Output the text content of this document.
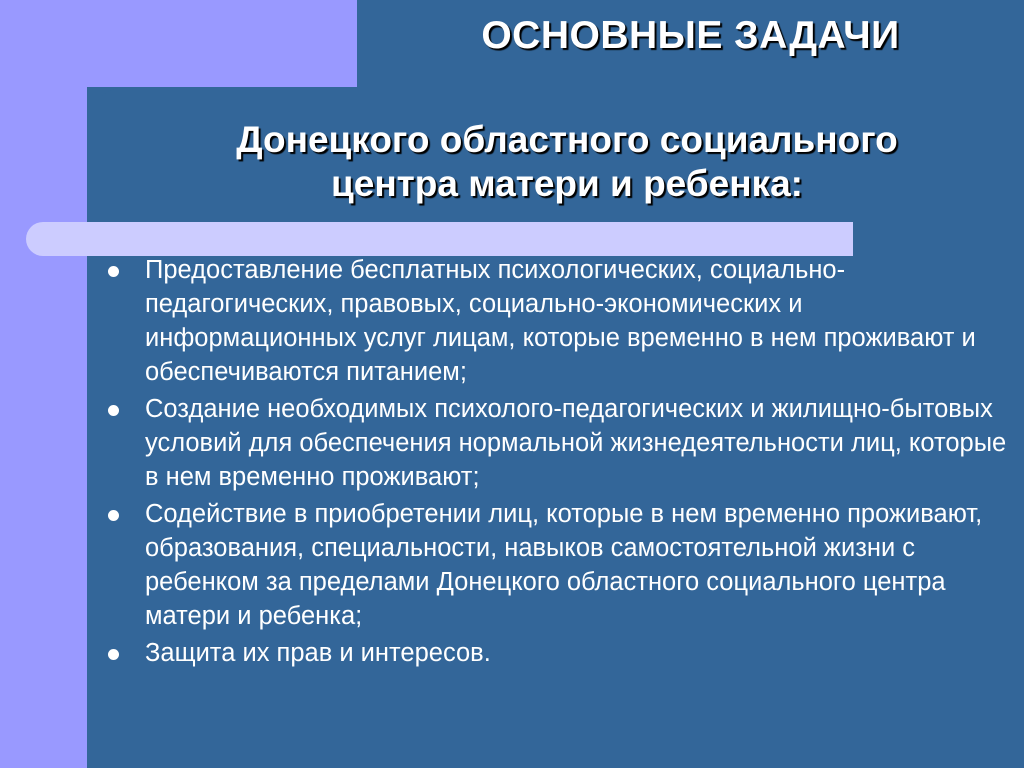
ОСНОВНЫЕ ЗАДАЧИ
Донецкого областного социального
центра матери и ребенка:
Предоставление бесплатных психологических, социально-педагогических, правовых, социально-экономических и информационных услуг лицам, которые временно в нем проживают и обеспечиваются питанием;
Создание необходимых психолого-педагогических и жилищно-бытовых условий для обеспечения нормальной жизнедеятельности лиц, которые в нем временно проживают;
Содействие в приобретении лиц, которые в нем временно проживают, образования, специальности, навыков самостоятельной жизни с ребенком за пределами Донецкого областного социального центра матери и ребенка;
Защита их прав и интересов.
